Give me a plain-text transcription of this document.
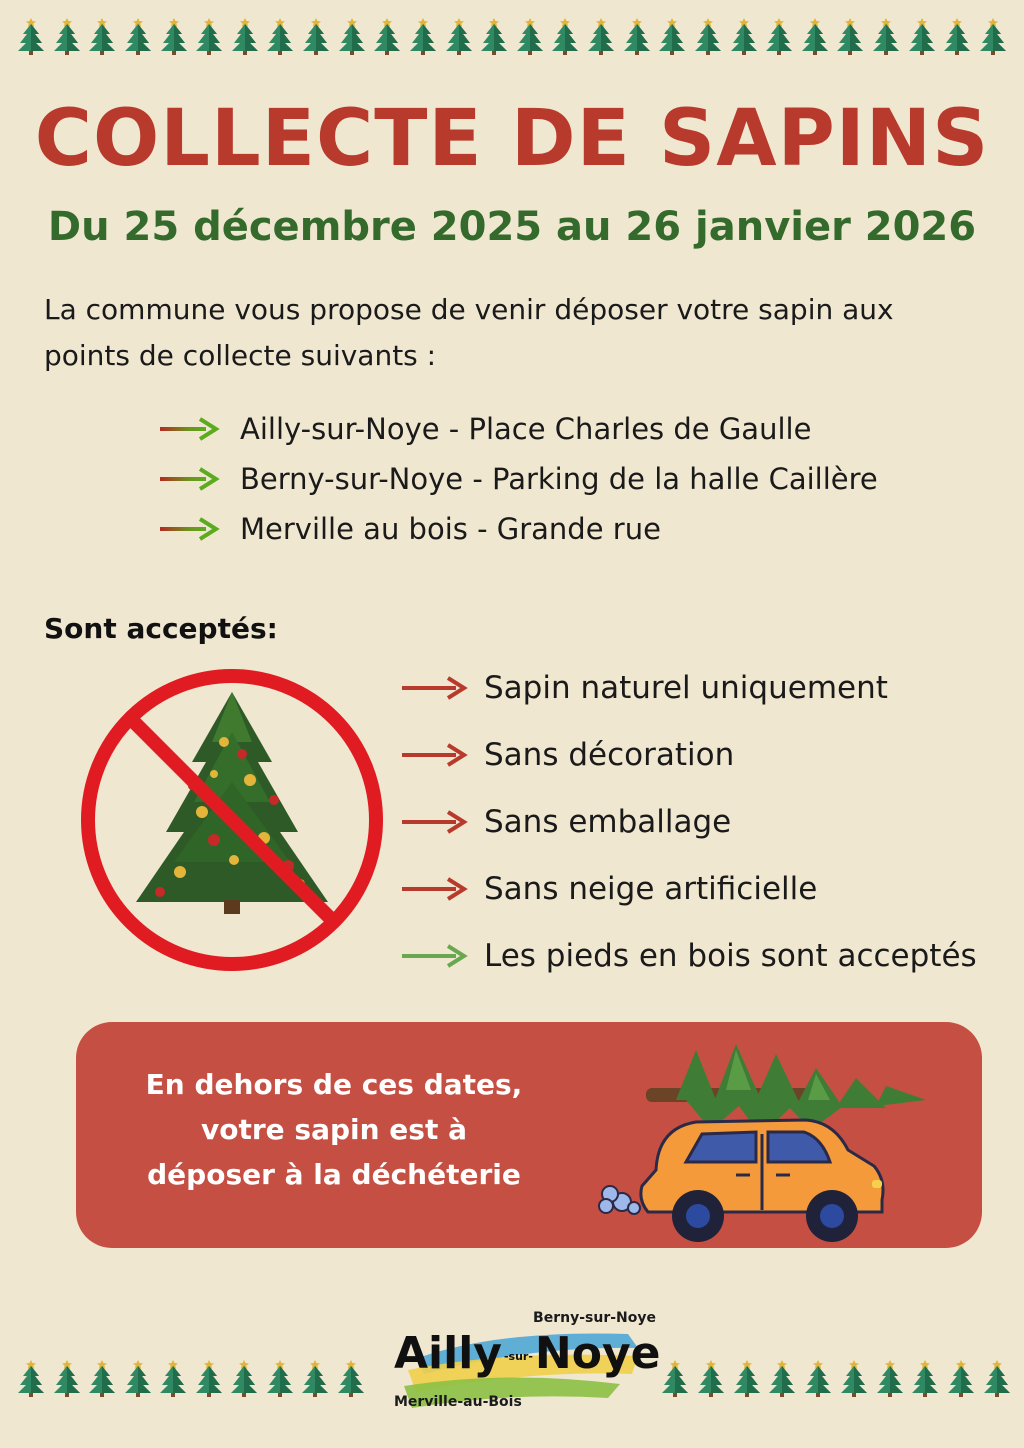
COLLECTE DE SAPINS
Du 25 décembre 2025 au 26 janvier 2026
La commune vous propose de venir déposer votre sapin aux points de collecte suivants :
Ailly-sur-Noye - Place Charles de Gaulle
Berny-sur-Noye - Parking de la halle Caillère
Merville au bois - Grande rue
Sont acceptés:
Sapin naturel uniquement
Sans décoration
Sans emballage
Sans neige artificielle
Les pieds en bois sont acceptés
En dehors de ces dates, votre sapin est à déposer à la déchéterie
Berny-sur-Noye
Ailly -sur-Noye
Merville-au-Bois
